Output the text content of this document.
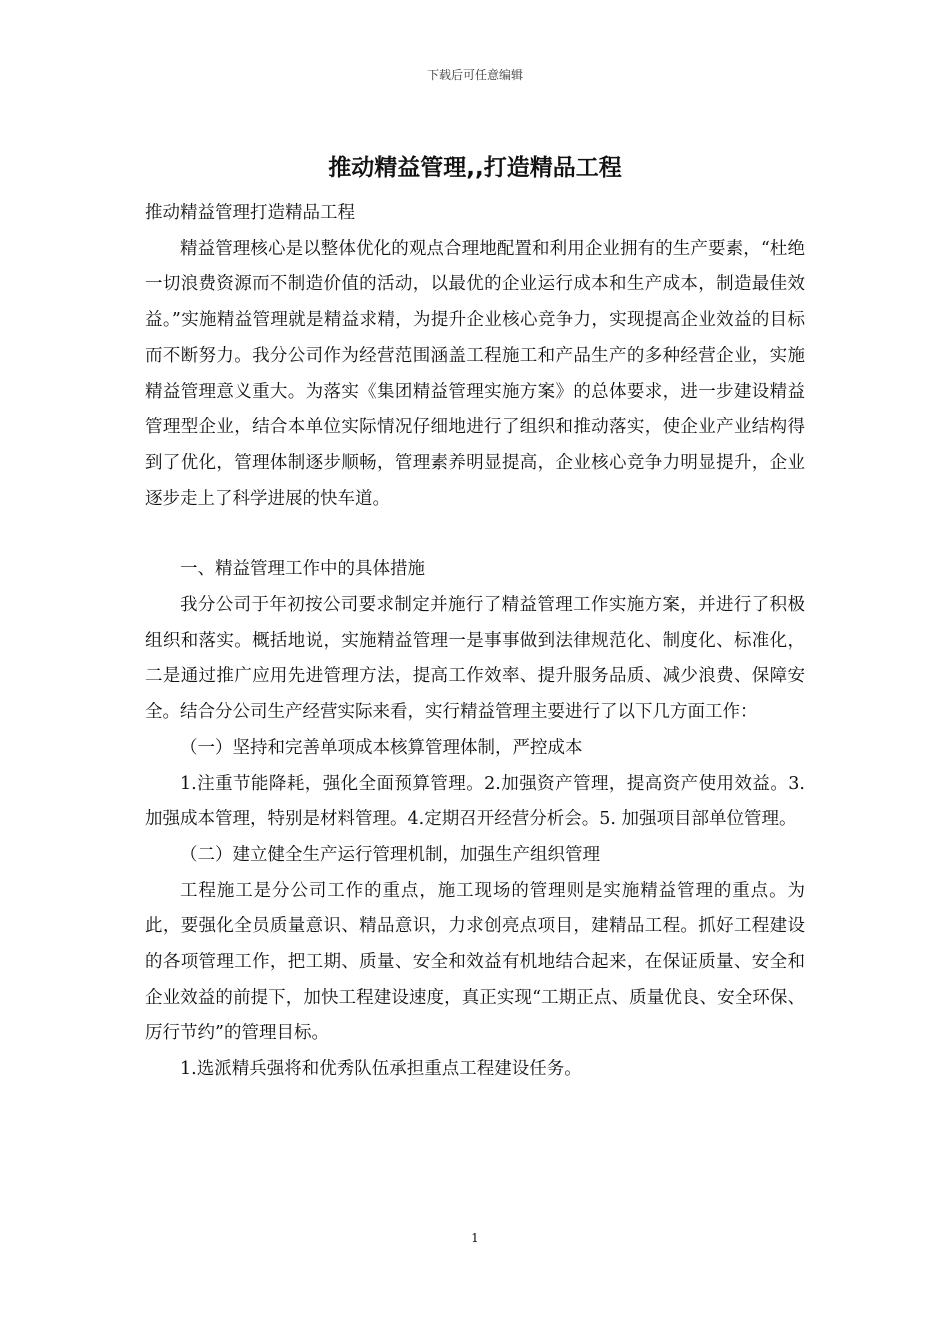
下载后可任意编辑

推动精益管理,,打造精品工程

推动精益管理打造精品工程

精益管理核心是以整体优化的观点合理地配置和利用企业拥有的生产要素，“杜绝一切浪费资源而不制造价值的活动，以最优的企业运行成本和生产成本，制造最佳效益。”实施精益管理就是精益求精，为提升企业核心竞争力，实现提高企业效益的目标而不断努力。我分公司作为经营范围涵盖工程施工和产品生产的多种经营企业，实施精益管理意义重大。为落实《集团精益管理实施方案》的总体要求，进一步建设精益管理型企业，结合本单位实际情况仔细地进行了组织和推动落实，使企业产业结构得到了优化，管理体制逐步顺畅，管理素养明显提高，企业核心竞争力明显提升，企业逐步走上了科学进展的快车道。

一、精益管理工作中的具体措施

我分公司于年初按公司要求制定并施行了精益管理工作实施方案，并进行了积极组织和落实。概括地说，实施精益管理一是事事做到法律规范化、制度化、标准化，二是通过推广应用先进管理方法，提高工作效率、提升服务品质、减少浪费、保障安全。结合分公司生产经营实际来看，实行精益管理主要进行了以下几方面工作：

（一）坚持和完善单项成本核算管理体制，严控成本

1.注重节能降耗，强化全面预算管理。2.加强资产管理，提高资产使用效益。3.加强成本管理，特别是材料管理。4.定期召开经营分析会。5. 加强项目部单位管理。

（二）建立健全生产运行管理机制，加强生产组织管理

工程施工是分公司工作的重点，施工现场的管理则是实施精益管理的重点。为此，要强化全员质量意识、精品意识，力求创亮点项目，建精品工程。抓好工程建设的各项管理工作，把工期、质量、安全和效益有机地结合起来，在保证质量、安全和企业效益的前提下，加快工程建设速度，真正实现“工期正点、质量优良、安全环保、厉行节约”的管理目标。

1.选派精兵强将和优秀队伍承担重点工程建设任务。

1
